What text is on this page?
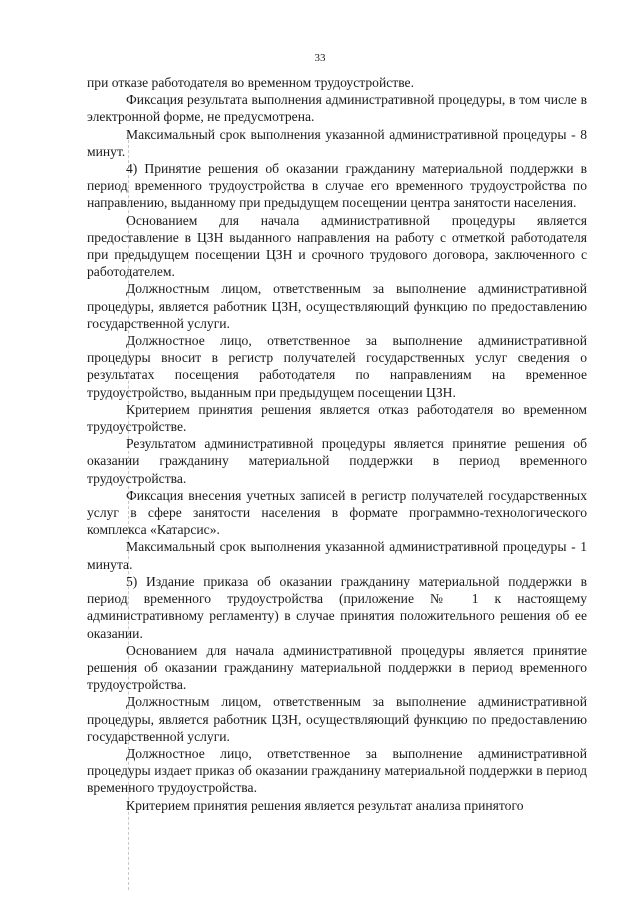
33

при отказе работодателя во временном трудоустройстве.

Фиксация результата выполнения административной процедуры, в том числе в электронной форме, не предусмотрена.

Максимальный срок выполнения указанной административной процедуры - 8 минут.

4) Принятие решения об оказании гражданину материальной поддержки в период временного трудоустройства в случае его временного трудоустройства по направлению, выданному при предыдущем посещении центра занятости населения.

Основанием для начала административной процедуры является предоставление в ЦЗН выданного направления на работу с отметкой работодателя при предыдущем посещении ЦЗН и срочного трудового договора, заключенного с работодателем.

Должностным лицом, ответственным за выполнение административной процедуры, является работник ЦЗН, осуществляющий функцию по предоставлению государственной услуги.

Должностное лицо, ответственное за выполнение административной процедуры вносит в регистр получателей государственных услуг сведения о результатах посещения работодателя по направлениям на временное трудоустройство, выданным при предыдущем посещении ЦЗН.

Критерием принятия решения является отказ работодателя во временном трудоустройстве.

Результатом административной процедуры является принятие решения об оказании гражданину материальной поддержки в период временного трудоустройства.

Фиксация внесения учетных записей в регистр получателей государственных услуг в сфере занятости населения в формате программно-технологического комплекса «Катарсис».

Максимальный срок выполнения указанной административной процедуры - 1 минута.

5) Издание приказа об оказании гражданину материальной поддержки в период временного трудоустройства (приложение № 1 к настоящему административному регламенту) в случае принятия положительного решения об ее оказании.

Основанием для начала административной процедуры является принятие решения об оказании гражданину материальной поддержки в период временного трудоустройства.

Должностным лицом, ответственным за выполнение административной процедуры, является работник ЦЗН, осуществляющий функцию по предоставлению государственной услуги.

Должностное лицо, ответственное за выполнение административной процедуры издает приказ об оказании гражданину материальной поддержки в период временного трудоустройства.

Критерием принятия решения является результат анализа принятого
